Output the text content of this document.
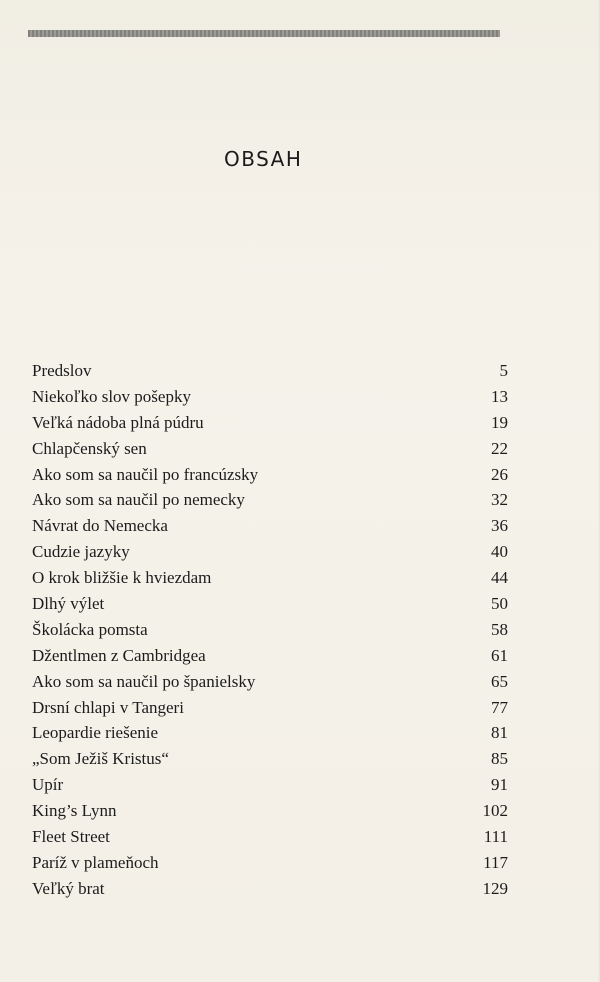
OBSAH
Predslov	5
Niekoľko slov pošepky	13
Veľká nádoba plná púdru	19
Chlapčenský sen	22
Ako som sa naučil po francúzsky	26
Ako som sa naučil po nemecky	32
Návrat do Nemecka	36
Cudzie jazyky	40
O krok bližšie k hviezdam	44
Dlhý výlet	50
Školácka pomsta	58
Džentlmen z Cambridgea	61
Ako som sa naučil po španielsky	65
Drsní chlapi v Tangeri	77
Leopardie riešenie	81
„Som Ježiš Kristus“	85
Upír	91
King’s Lynn	102
Fleet Street	111
Paríž v plameňoch	117
Veľký brat	129
